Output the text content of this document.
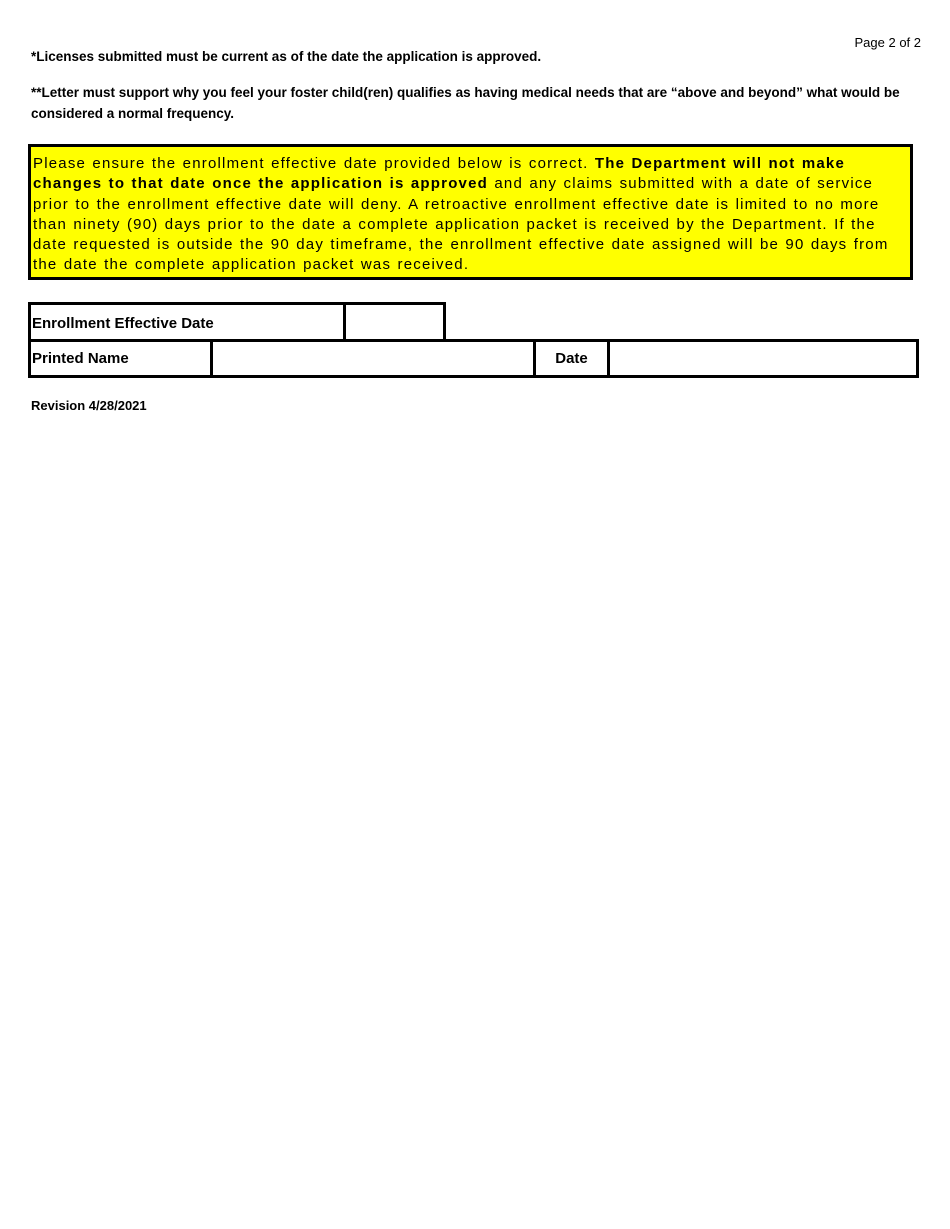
Page 2 of 2
*Licenses submitted must be current as of the date the application is approved.
**Letter must support why you feel your foster child(ren) qualifies as having medical needs that are “above and beyond” what would be considered a normal frequency.
Please ensure the enrollment effective date provided below is correct. The Department will not make changes to that date once the application is approved and any claims submitted with a date of service prior to the enrollment effective date will deny. A retroactive enrollment effective date is limited to no more than ninety (90) days prior to the date a complete application packet is received by the Department. If the date requested is outside the 90 day timeframe, the enrollment effective date assigned will be 90 days from the date the complete application packet was received.
Enrollment Effective Date
Printed Name	Date
Revision 4/28/2021
